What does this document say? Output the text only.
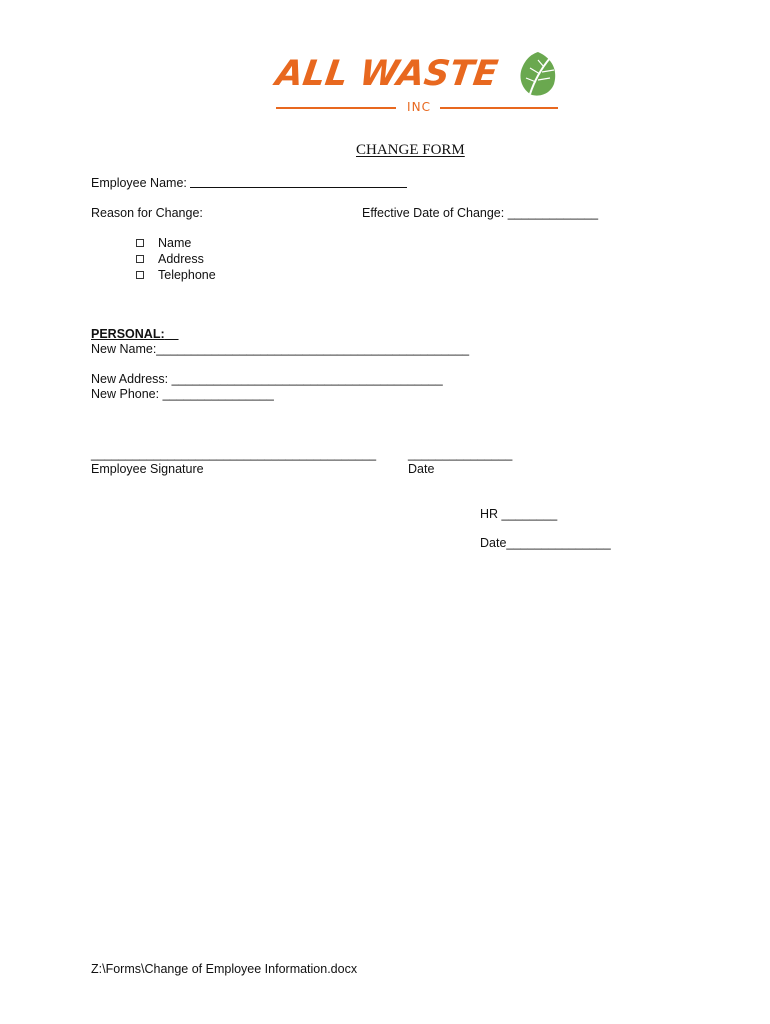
ALL WASTE
INC
CHANGE FORM
Employee Name:
Reason for Change:	Effective Date of Change: _____________
Name
Address
Telephone
PERSONAL:
New Name:_____________________________________________
New Address: _______________________________________
New Phone: ________________
_________________________________________
Employee Signature
_______________
Date
HR ________
Date_______________
Z:\Forms\Change of Employee Information.docx
